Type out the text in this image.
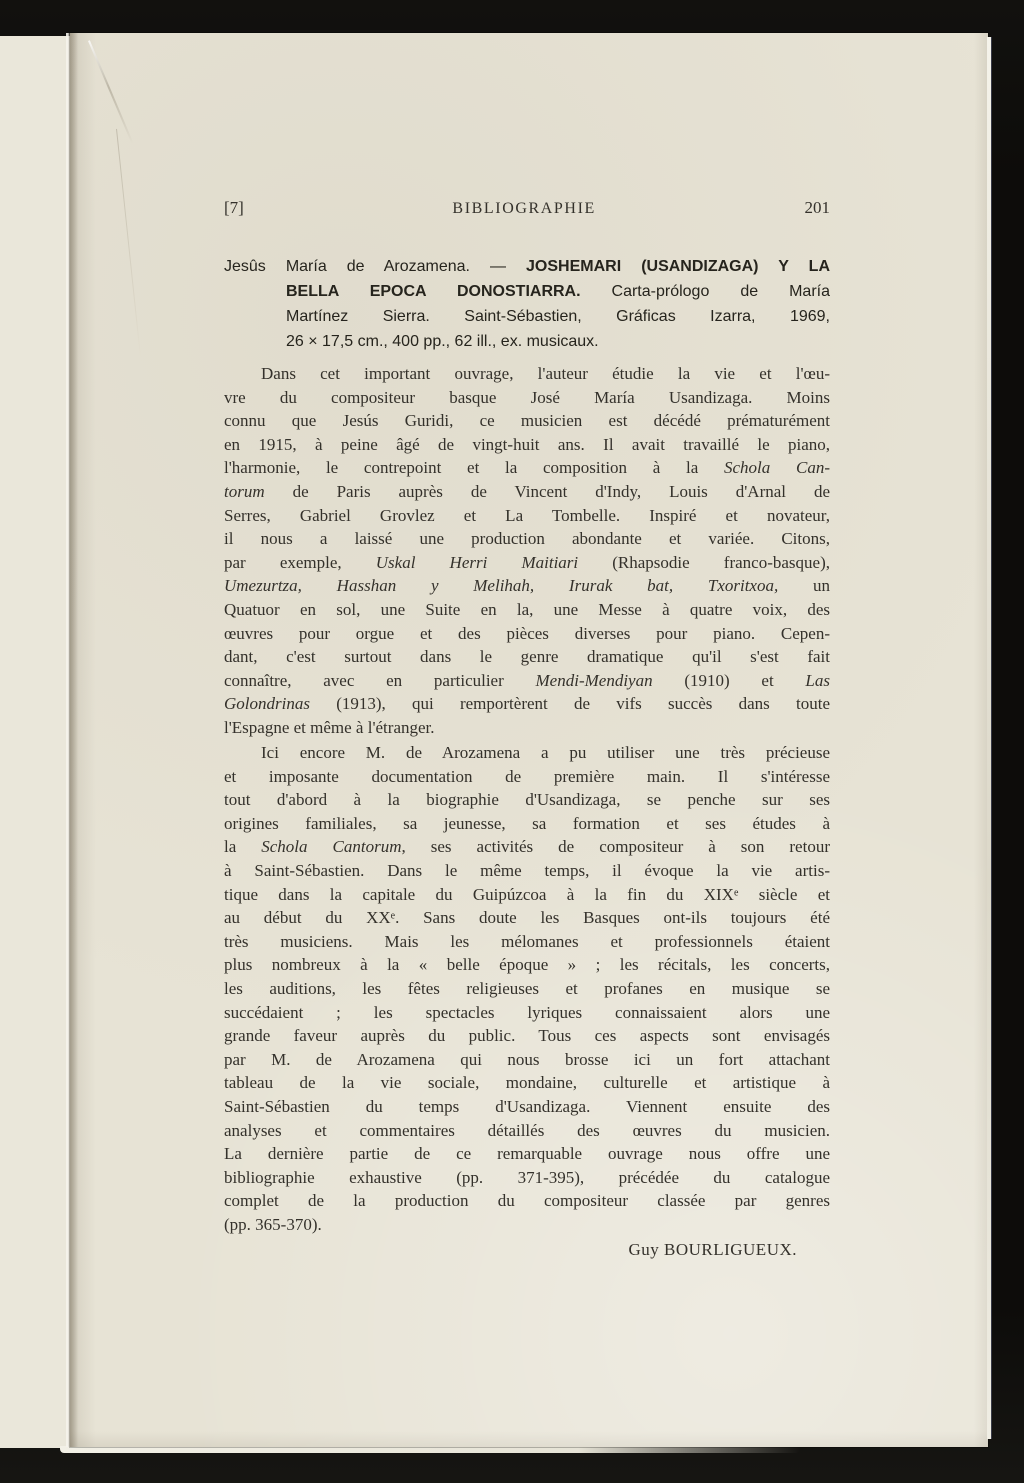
[7]	BIBLIOGRAPHIE	201
Jesûs María de Arozamena. — JOSHEMARI (USANDIZAGA) Y LA
BELLA EPOCA DONOSTIARRA. Carta-prólogo de María
Martínez Sierra. Saint-Sébastien, Gráficas Izarra, 1969,
26 × 17,5 cm., 400 pp., 62 ill., ex. musicaux.
Dans cet important ouvrage, l'auteur étudie la vie et l'œu-
vre du compositeur basque José María Usandizaga. Moins
connu que Jesús Guridi, ce musicien est décédé prématurément
en 1915, à peine âgé de vingt-huit ans. Il avait travaillé le piano,
l'harmonie, le contrepoint et la composition à la Schola Can-
torum de Paris auprès de Vincent d'Indy, Louis d'Arnal de
Serres, Gabriel Grovlez et La Tombelle. Inspiré et novateur,
il nous a laissé une production abondante et variée. Citons,
par exemple, Uskal Herri Maitiari (Rhapsodie franco-basque),
Umezurtza, Hasshan y Melihah, Irurak bat, Txoritxoa, un
Quatuor en sol, une Suite en la, une Messe à quatre voix, des
œuvres pour orgue et des pièces diverses pour piano. Cepen-
dant, c'est surtout dans le genre dramatique qu'il s'est fait
connaître, avec en particulier Mendi-Mendiyan (1910) et Las
Golondrinas (1913), qui remportèrent de vifs succès dans toute
l'Espagne et même à l'étranger.
Ici encore M. de Arozamena a pu utiliser une très précieuse
et imposante documentation de première main. Il s'intéresse
tout d'abord à la biographie d'Usandizaga, se penche sur ses
origines familiales, sa jeunesse, sa formation et ses études à
la Schola Cantorum, ses activités de compositeur à son retour
à Saint-Sébastien. Dans le même temps, il évoque la vie artis-
tique dans la capitale du Guipúzcoa à la fin du XIXe siècle et
au début du XXe. Sans doute les Basques ont-ils toujours été
très musiciens. Mais les mélomanes et professionnels étaient
plus nombreux à la « belle époque » ; les récitals, les concerts,
les auditions, les fêtes religieuses et profanes en musique se
succédaient ; les spectacles lyriques connaissaient alors une
grande faveur auprès du public. Tous ces aspects sont envisagés
par M. de Arozamena qui nous brosse ici un fort attachant
tableau de la vie sociale, mondaine, culturelle et artistique à
Saint-Sébastien du temps d'Usandizaga. Viennent ensuite des
analyses et commentaires détaillés des œuvres du musicien.
La dernière partie de ce remarquable ouvrage nous offre une
bibliographie exhaustive (pp. 371-395), précédée du catalogue
complet de la production du compositeur classée par genres
(pp. 365-370).
Guy BOURLIGUEUX.
